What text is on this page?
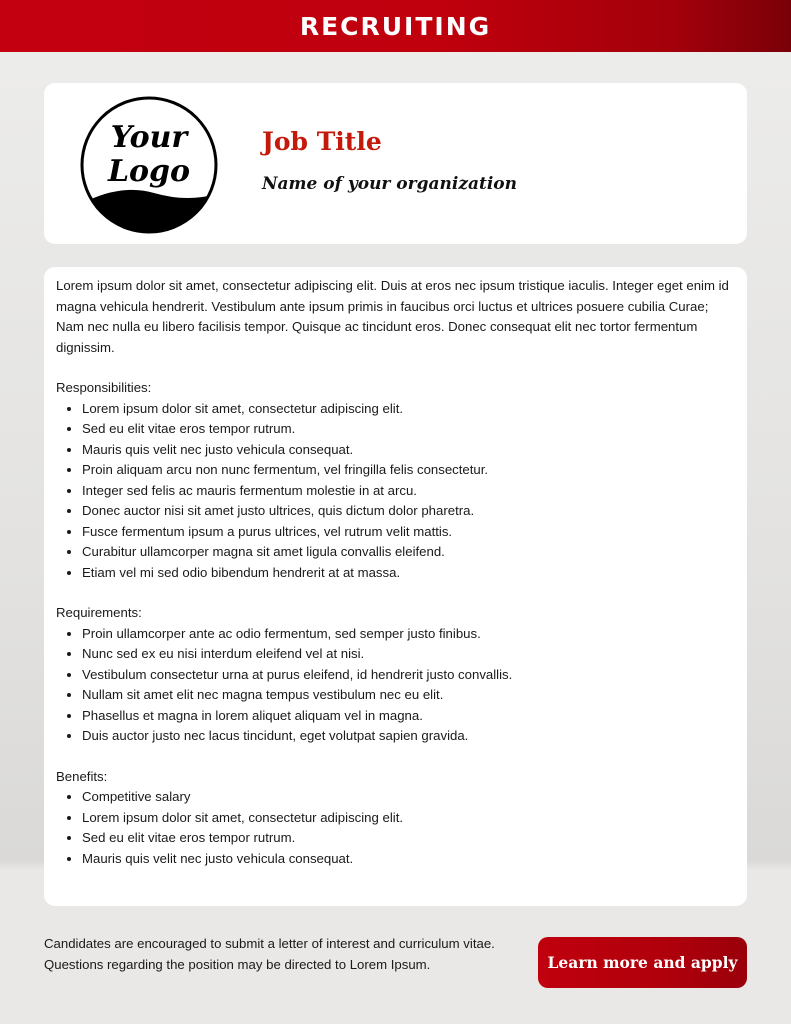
RECRUITING
Your
Logo
Job Title
Name of your organization

Lorem ipsum dolor sit amet, consectetur adipiscing elit. Duis at eros nec ipsum tristique iaculis. Integer eget enim id magna vehicula hendrerit. Vestibulum ante ipsum primis in faucibus orci luctus et ultrices posuere cubilia Curae; Nam nec nulla eu libero facilisis tempor. Quisque ac tincidunt eros. Donec consequat elit nec tortor fermentum dignissim.

Responsibilities:

• Lorem ipsum dolor sit amet, consectetur adipiscing elit.
• Sed eu elit vitae eros tempor rutrum.
• Mauris quis velit nec justo vehicula consequat.
• Proin aliquam arcu non nunc fermentum, vel fringilla felis consectetur.
• Integer sed felis ac mauris fermentum molestie in at arcu.
• Donec auctor nisi sit amet justo ultrices, quis dictum dolor pharetra.
• Fusce fermentum ipsum a purus ultrices, vel rutrum velit mattis.
• Curabitur ullamcorper magna sit amet ligula convallis eleifend.
• Etiam vel mi sed odio bibendum hendrerit at at massa.

Requirements:

• Proin ullamcorper ante ac odio fermentum, sed semper justo finibus.
• Nunc sed ex eu nisi interdum eleifend vel at nisi.
• Vestibulum consectetur urna at purus eleifend, id hendrerit justo convallis.
• Nullam sit amet elit nec magna tempus vestibulum nec eu elit.
• Phasellus et magna in lorem aliquet aliquam vel in magna.
• Duis auctor justo nec lacus tincidunt, eget volutpat sapien gravida.

Benefits:

• Competitive salary
• Lorem ipsum dolor sit amet, consectetur adipiscing elit.
• Sed eu elit vitae eros tempor rutrum.
• Mauris quis velit nec justo vehicula consequat.
Candidates are encouraged to submit a letter of interest and curriculum vitae.
Questions regarding the position may be directed to Lorem Ipsum.	Learn more and apply
